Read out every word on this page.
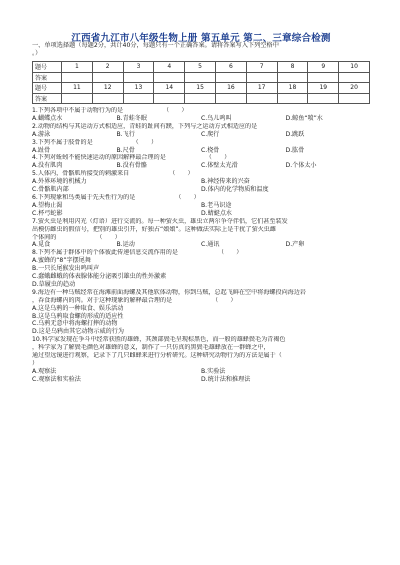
江西省九江市八年级生物上册 第五单元 第二、三章综合检测
一、单项选择题（每题2分，共计40分，每题只有一个正确答案。请将答案写入下列空格中
。）
题号	1	2	3	4	5	6	7	8	9	10
答案										
题号	11	12	13	14	15	16	17	18	19	20
答案										
1.下列各项中不属于动物行为的是	（　　）
A.蝴蝶点水	B.青蛙冬眠	C.鸟儿鸣叫	D.鲸鱼“喷”水
2.动物的结构与其运动方式相适应，青蛙的趾间有蹼，下列与之运动方式相适应的是
A.游泳	B.飞行	C.爬行	D.跳跃
3.下列不属于肢骨的是	（　　）
A.趾骨	B.尺骨	C.桡骨	D.肱骨
4.下列对蚯蚓不能快速运动的原因解释最合理的是	（　　）
A.没有肌肉	B.没有骨骼	C.体壁太光滑	D.个体太小
5.人体内，骨骼肌所接受的刺激来自	（　　）
A.外界环境的机械力	B.神经传来的兴奋
C.骨骼肌内部	D.体内的化学物质和温度
6.下列现象和鸟类属于先天性行为的是	（　　）
A.望梅止渴	B.老马识途
C.杯弓蛇影	D.蜻蜓点水
7.萤火虫是利用闪光（灯语）进行交流的。每一种萤火虫，雄虫立两尔争夺伴侣，它们甚至装发
出模仿雌虫的假信号，把别的雄虫引开，好独占“娘娘”。这种做法实际上是干扰了萤火虫雌
个体间的	（　　）
A.觅食	B.运动	C.通讯	D.产卵
8.下列不属于群体中的个体彼此传递信息交流作用的是	（　　）
A.蜜蜂的“8”字摆尾舞
B.一只长尾猴发出鸣叫声
C.蠢蛾雌蛾的体表腺体能分泌吸引雄虫的性外激素
D.草履虫的趋动
9.海边有一种乌贼经常在海滩前面海螺及其他软体动物，你到乌贼，总起飞鲜在空中将海螺投向海边岩
，吞食海螺内的肉。对于这种现象的解释最合理的是	（　　）
A.这是乌鸦的一种取食、娱乐活动
B.这是乌鸦取食螺的形成的适应性
C.乌鸦无意中将海螺打摔的动物
D.这是乌鸦由其它动物示威的行为
10.科学家发现在争斗中经常获胜的雄蜂，其颈部鬓毛呈现棕黑色，而一般的雄蜂鬓毛为青褐色
，科学家为了解鬓毛颜色对雄蜂的意义，制作了一只仿真的黑鬓毛雄蜂放在一群蜂之中，
通过望远镜进行观察，记录下了几只雌蜂来进行分析研究。这种研究动物行为的方法是属于（
）
A.观察法	B.实验法
C.观察法和实验法	D.统计法和推理法
